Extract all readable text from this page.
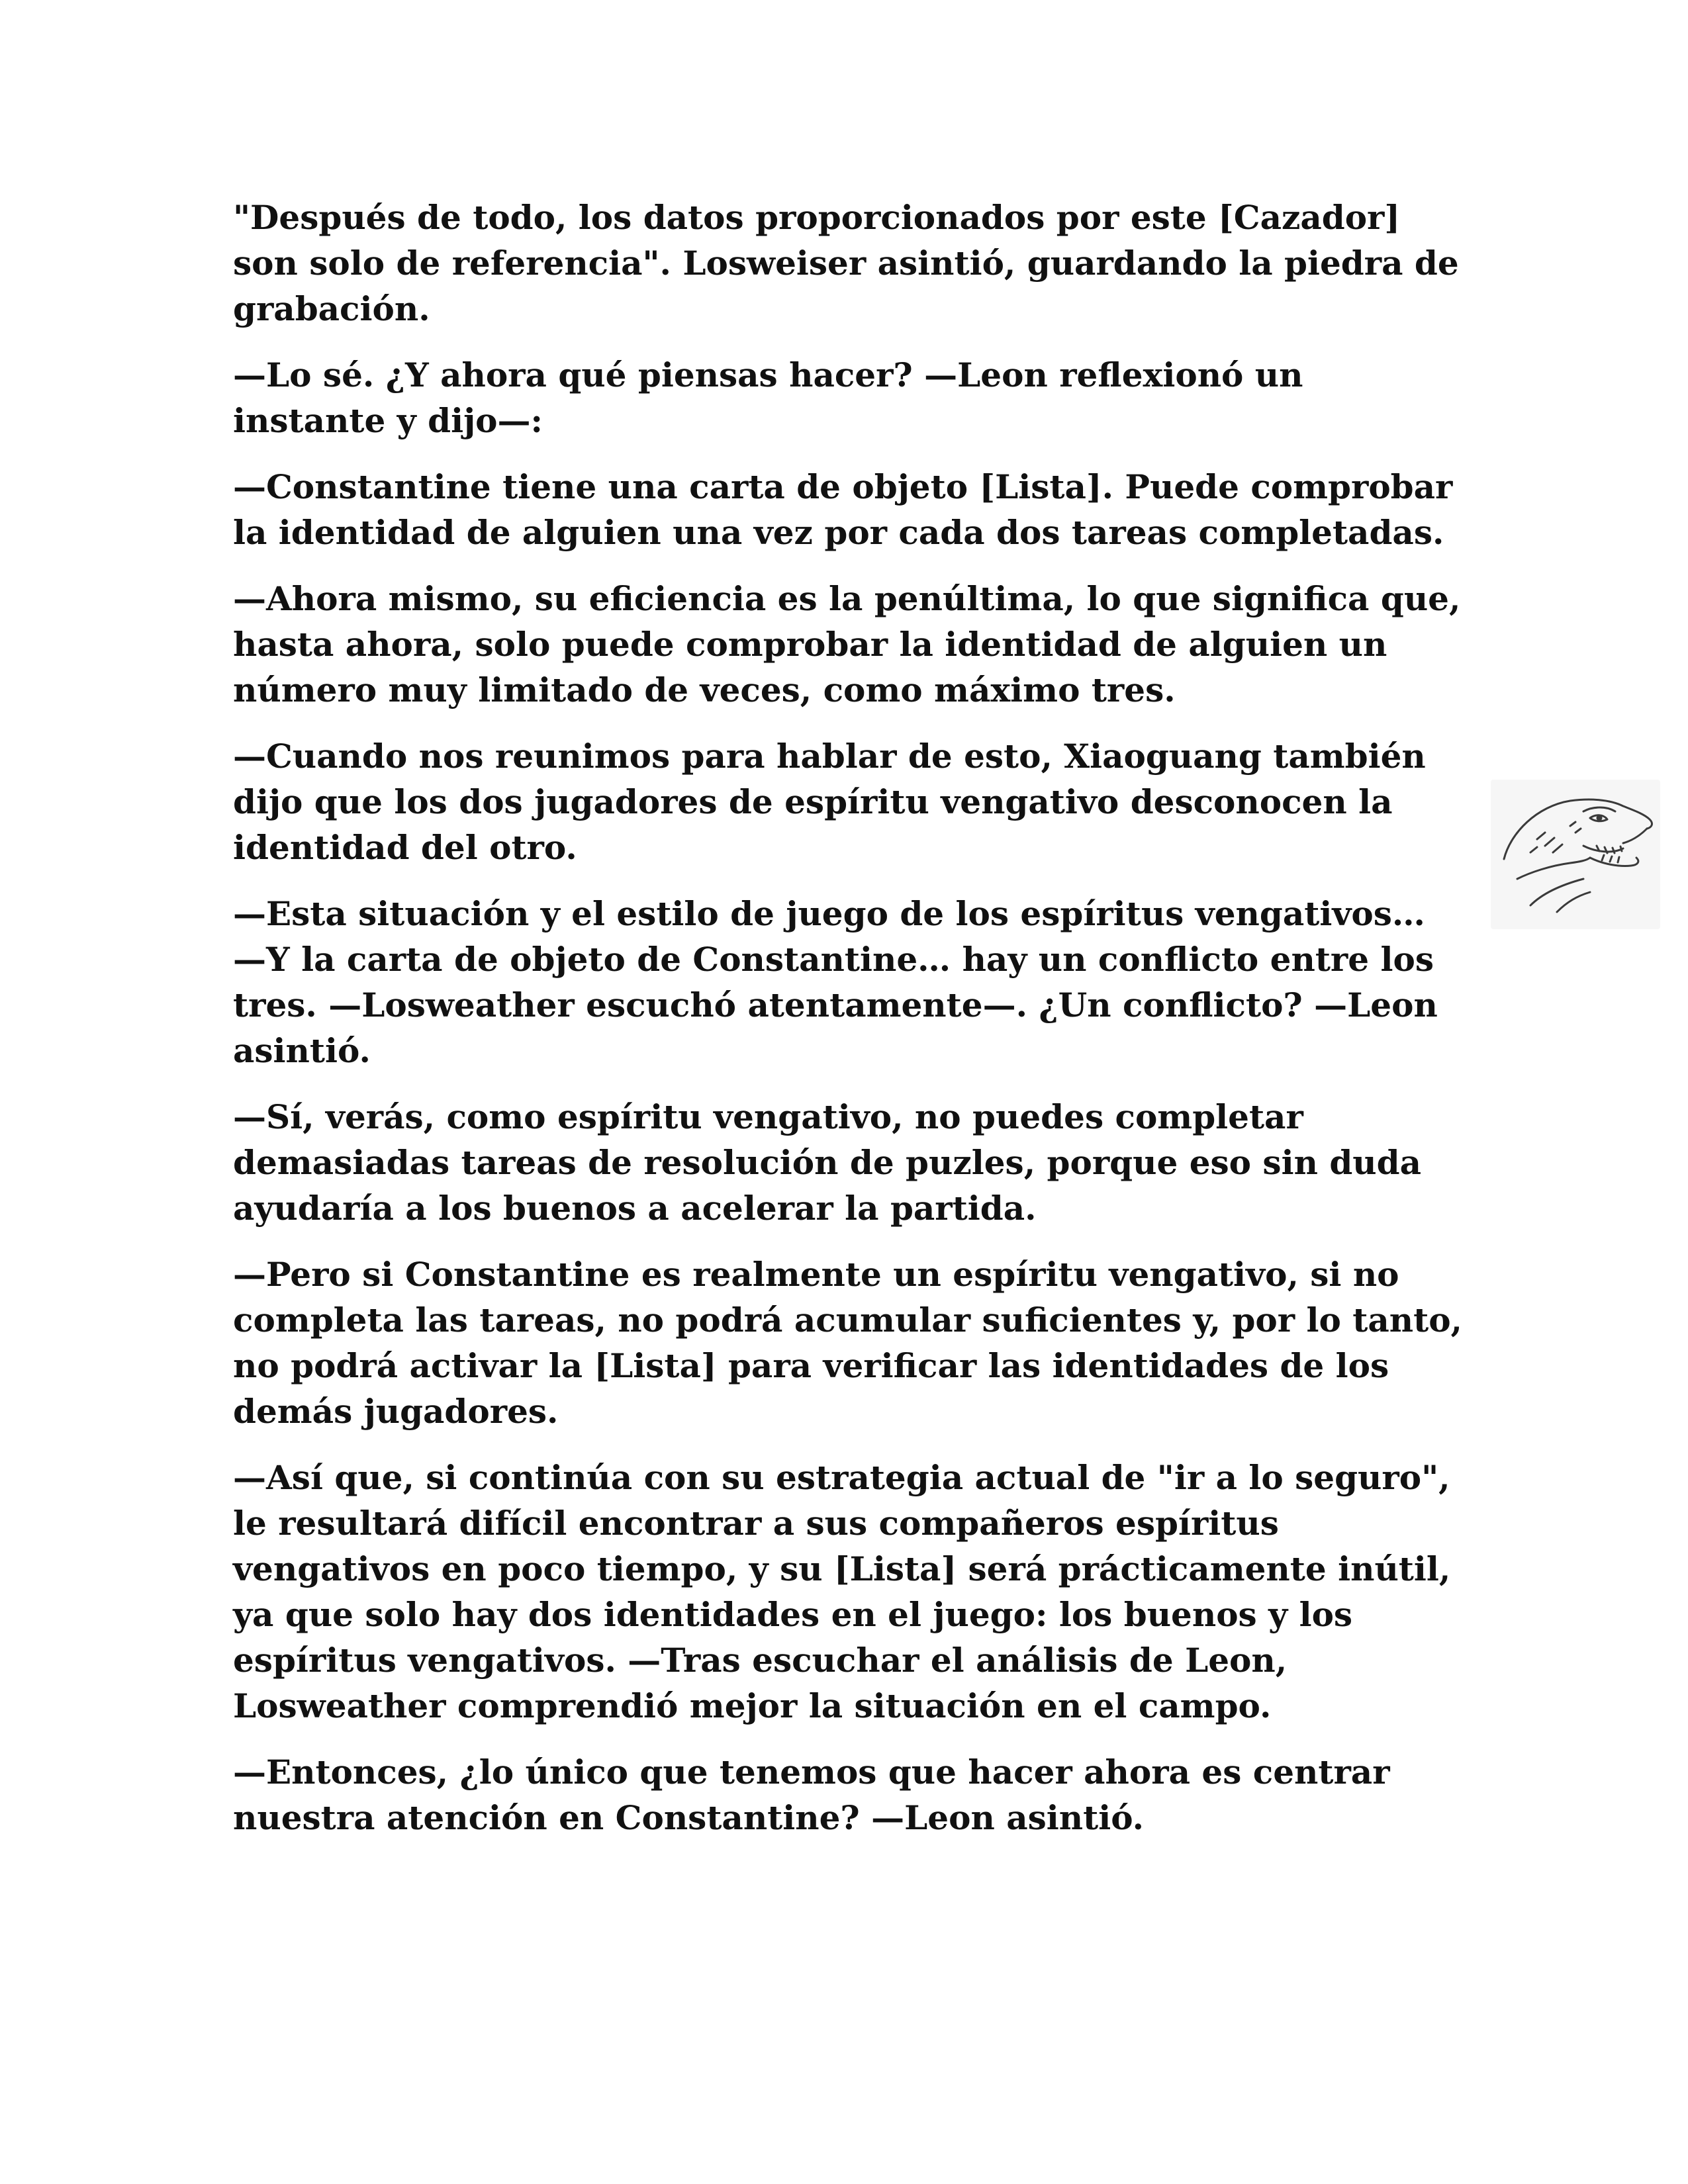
"Después de todo, los datos proporcionados por este [Cazador] son solo de referencia". Losweiser asintió, guardando la piedra de grabación.

—Lo sé. ¿Y ahora qué piensas hacer? —Leon reflexionó un instante y dijo—:

—Constantine tiene una carta de objeto [Lista]. Puede comprobar la identidad de alguien una vez por cada dos tareas completadas.

—Ahora mismo, su eficiencia es la penúltima, lo que significa que, hasta ahora, solo puede comprobar la identidad de alguien un número muy limitado de veces, como máximo tres.

—Cuando nos reunimos para hablar de esto, Xiaoguang también dijo que los dos jugadores de espíritu vengativo desconocen la identidad del otro.

—Esta situación y el estilo de juego de los espíritus vengativos… —Y la carta de objeto de Constantine… hay un conflicto entre los tres. —Losweather escuchó atentamente—. ¿Un conflicto? —Leon asintió.

—Sí, verás, como espíritu vengativo, no puedes completar demasiadas tareas de resolución de puzles, porque eso sin duda ayudaría a los buenos a acelerar la partida.

—Pero si Constantine es realmente un espíritu vengativo, si no completa las tareas, no podrá acumular suficientes y, por lo tanto, no podrá activar la [Lista] para verificar las identidades de los demás jugadores.

—Así que, si continúa con su estrategia actual de "ir a lo seguro", le resultará difícil encontrar a sus compañeros espíritus vengativos en poco tiempo, y su [Lista] será prácticamente inútil, ya que solo hay dos identidades en el juego: los buenos y los espíritus vengativos. —Tras escuchar el análisis de Leon, Losweather comprendió mejor la situación en el campo.

—Entonces, ¿lo único que tenemos que hacer ahora es centrar nuestra atención en Constantine? —Leon asintió.
